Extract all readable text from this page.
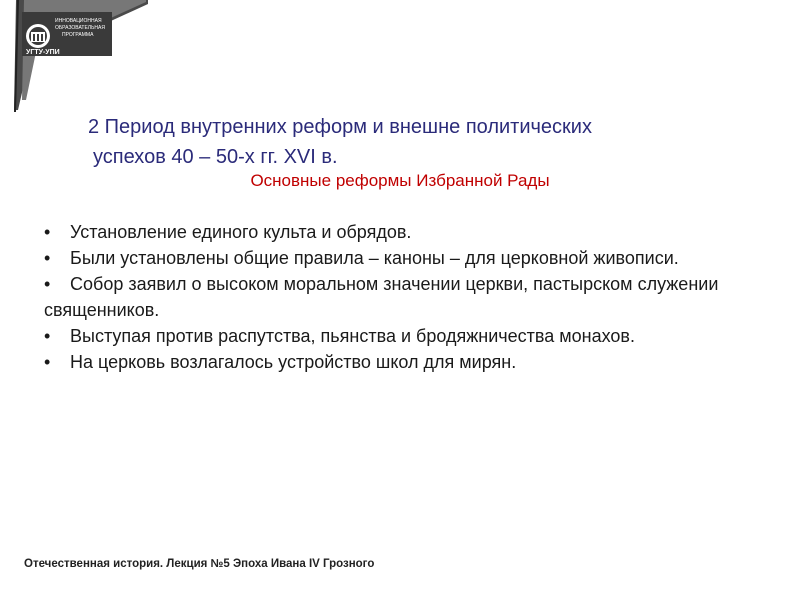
ИННОВАЦИОННАЯ
ОБРАЗОВАТЕЛЬНАЯ
ПРОГРАММА
УГТУ-УПИ
2 Период внутренних реформ и внешне политических
успехов 40 – 50-х гг. XVI в.
Основные реформы Избранной Рады
• Установление единого культа и обрядов.
• Были установлены общие правила – каноны – для церковной живописи.
• Собор заявил о высоком моральном значении церкви, пастырском служении священников.
• Выступая против распутства, пьянства и бродяжничества монахов.
• На церковь возлагалось устройство школ для мирян.
Отечественная история. Лекция №5 Эпоха Ивана IV Грозного
